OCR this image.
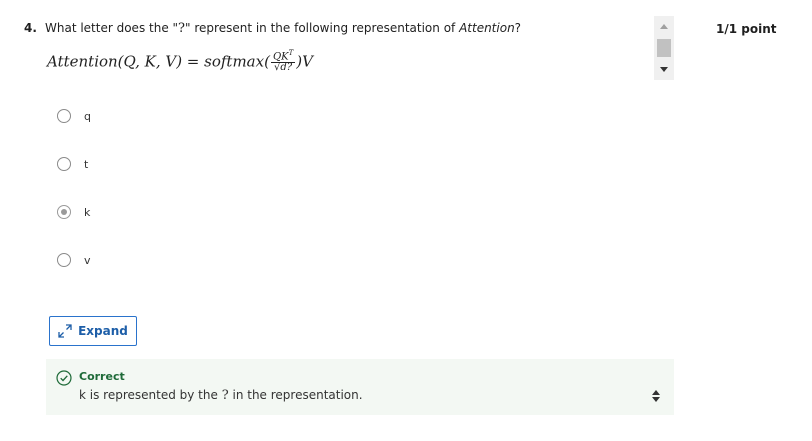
4. What letter does the "?" represent in the following representation of Attention?
Attention(Q, K, V) = softmax( $\frac{QK^T}{√d?} )V$
q
t
k
v
Expand
Correct
k is represented by the ? in the representation.
1/1 point
